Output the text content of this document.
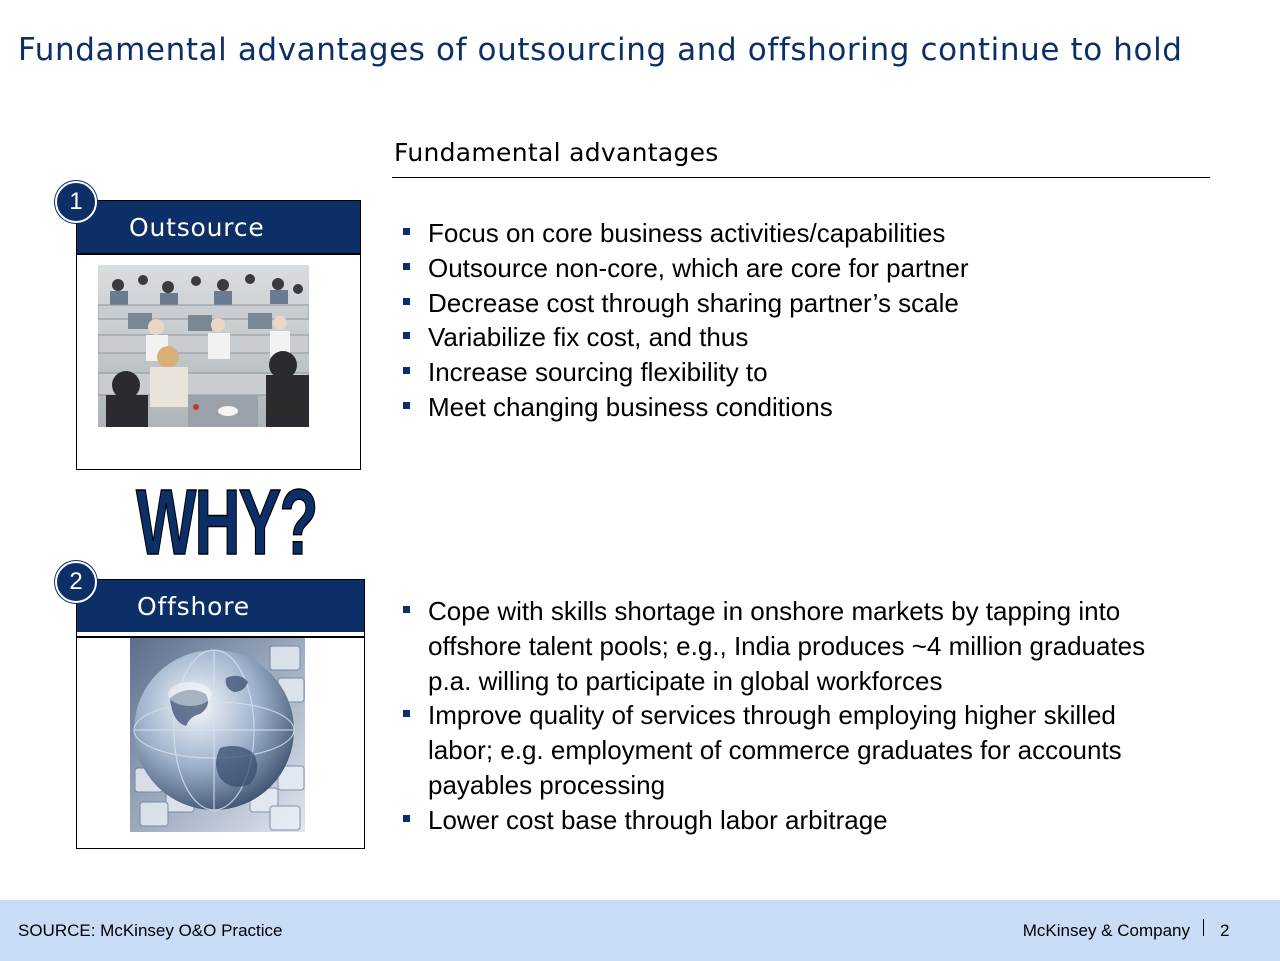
Fundamental advantages of outsourcing and offshoring continue to hold
Fundamental advantages
Outsource
1
WHY?
Offshore
2
Focus on core business activities/capabilities
Outsource non-core, which are core for partner
Decrease cost through sharing partner’s scale
Variabilize fix cost, and thus
Increase sourcing flexibility to
Meet changing business conditions
Cope with skills shortage in onshore markets by tapping into offshore talent pools; e.g., India produces ~4 million graduates p.a. willing to participate in global workforces
Improve quality of services through employing higher skilled labor; e.g. employment of commerce graduates for accounts payables processing
Lower cost base through labor arbitrage
SOURCE: McKinsey O&O Practice	McKinsey & Company 2
